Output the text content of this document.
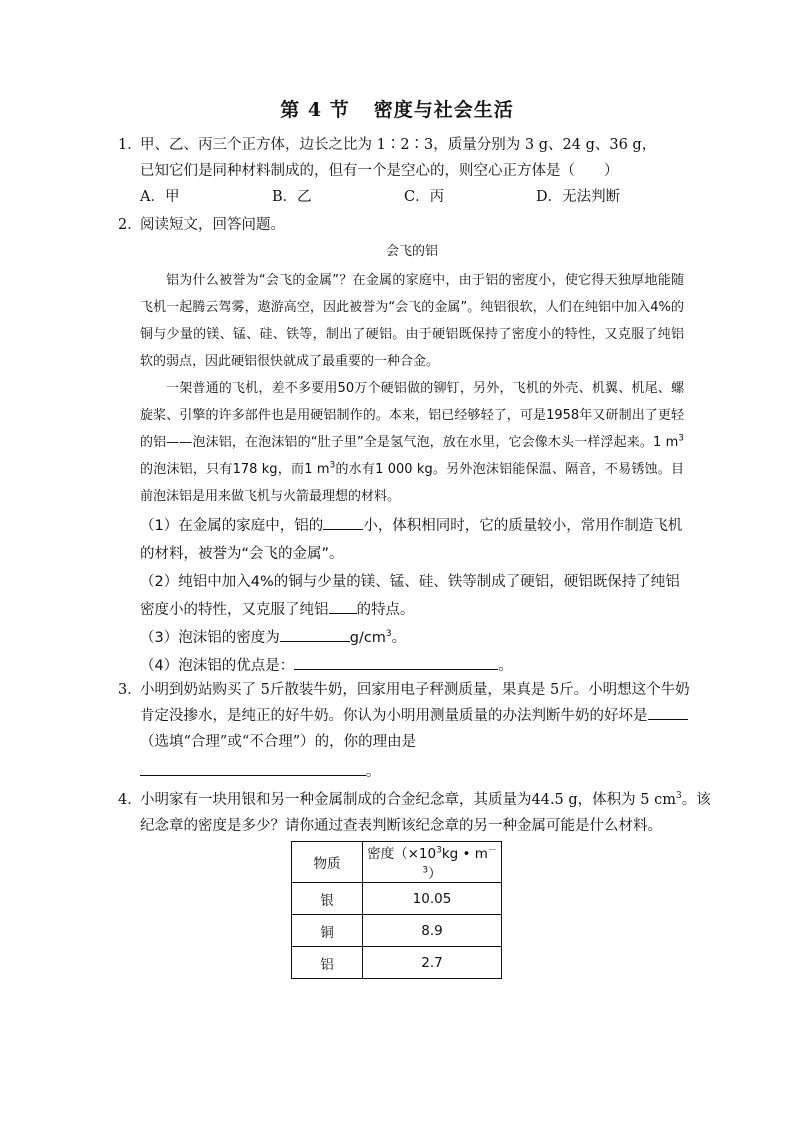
第 4 节 密度与社会生活
1．
甲、乙、丙三个正方体，边长之比为 1∶2∶3，质量分别为 3 g、24 g、36 g，
已知它们是同种材料制成的，但有一个是空心的，则空心正方体是（　　）
A．甲	B．乙	C．丙	D．无法判断
2．
阅读短文，回答问题。
会飞的铝

铝为什么被誉为“会飞的金属”？在金属的家庭中，由于铝的密度小，使它得天独厚地能随飞机一起腾云驾雾，遨游高空，因此被誉为“会飞的金属”。纯铝很软，人们在纯铝中加入4%的铜与少量的镁、锰、硅、铁等，制出了硬铝。由于硬铝既保持了密度小的特性，又克服了纯铝软的弱点，因此硬铝很快就成了最重要的一种合金。

一架普通的飞机，差不多要用50万个硬铝做的铆钉，另外，飞机的外壳、机翼、机尾、螺旋桨、引擎的许多部件也是用硬铝制作的。本来，铝已经够轻了，可是1958年又研制出了更轻的铝——泡沫铝，在泡沫铝的“肚子里”全是氢气泡，放在水里，它会像木头一样浮起来。1 $m^3$的泡沫铝，只有178 kg，而1 $m^3$的水有1 000 kg。另外泡沫铝能保温、隔音，不易锈蚀。目前泡沫铝是用来做飞机与火箭最理想的材料。

（1）在金属的家庭中，铝的	小，体积相同时，它的质量较小，常用作制造飞机的材料，被誉为“会飞的金属”。

（2）纯铝中加入4%的铜与少量的镁、锰、硅、铁等制成了硬铝，硬铝既保持了纯铝密度小的特性，又克服了纯铝 的特点。

（3）泡沫铝的密度为	$g/cm^3$。

（4）泡沫铝的优点是：	。

3．
小明到奶站购买了 5斤散装牛奶，回家用电子秤测质量，果真是 5斤。小明想这个牛奶
肯定没掺水，是纯正的好牛奶。你认为小明用测量质量的办法判断牛奶的好坏是
（选填“合理”或“不合理”）的，你的理由是
。
4．
小明家有一块用银和另一种金属制成的合金纪念章，其质量为44.5 g，体积为 5 $cm^3$。该
纪念章的密度是多少？请你通过查表判断该纪念章的另一种金属可能是什么材料。
物质	密度（$\times 10^3kg$ • $m^{-3}$）
银	10.05
铜	8.9
铝	2.7
